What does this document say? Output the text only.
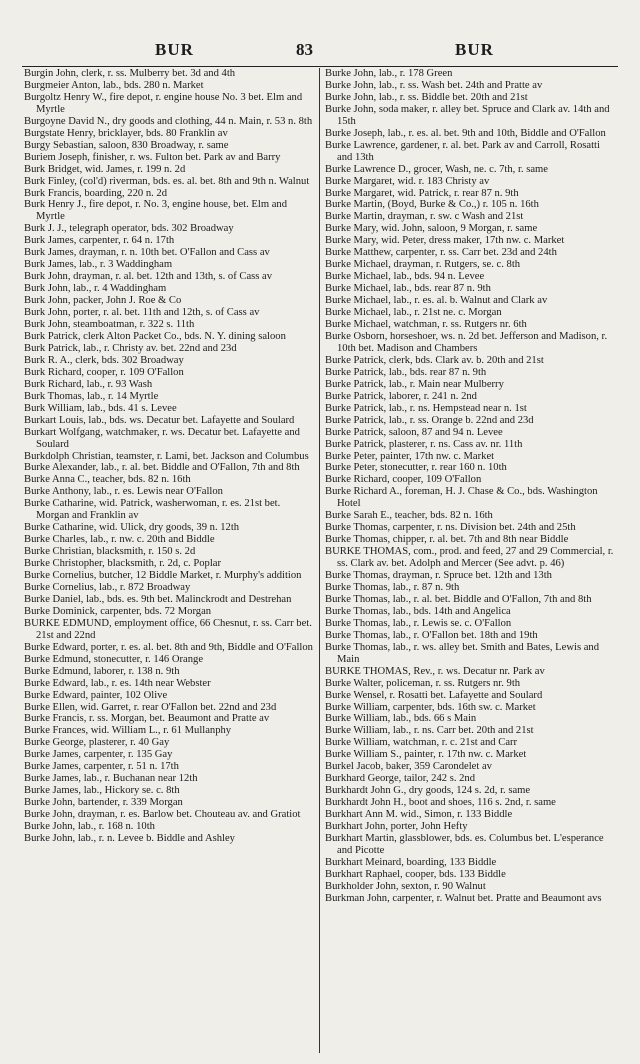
BUR	83	BUR

Burgin John, clerk, r. ss. Mulberry bet. 3d and 4th

Burgmeier Anton, lab., bds. 280 n. Market

Burgoltz Henry W., fire depot, r. engine house No. 3 bet. Elm and Myrtle

Burgoyne David N., dry goods and clothing, 44 n. Main, r. 53 n. 8th

Burgstate Henry, bricklayer, bds. 80 Franklin av

Burgy Sebastian, saloon, 830 Broadway, r. same

Buriem Joseph, finisher, r. ws. Fulton bet. Park av and Barry

Burk Bridget, wid. James, r. 199 n. 2d

Burk Finley, (col'd) riverman, bds. es. al. bet. 8th and 9th n. Walnut

Burk Francis, boarding, 220 n. 2d

Burk Henry J., fire depot, r. No. 3, engine house, bet. Elm and Myrtle

Burk J. J., telegraph operator, bds. 302 Broadway

Burk James, carpenter, r. 64 n. 17th

Burk James, drayman, r. n. 10th bet. O'Fallon and Cass av

Burk James, lab., r. 3 Waddingham

Burk John, drayman, r. al. bet. 12th and 13th, s. of Cass av

Burk John, lab., r. 4 Waddingham

Burk John, packer, John J. Roe & Co

Burk John, porter, r. al. bet. 11th and 12th, s. of Cass av

Burk John, steamboatman, r. 322 s. 11th

Burk Patrick, clerk Alton Packet Co., bds. N. Y. dining saloon

Burk Patrick, lab., r. Christy av. bet. 22nd and 23d

Burk R. A., clerk, bds. 302 Broadway

Burk Richard, cooper, r. 109 O'Fallon

Burk Richard, lab., r. 93 Wash

Burk Thomas, lab., r. 14 Myrtle

Burk William, lab., bds. 41 s. Levee

Burkart Louis, lab., bds. ws. Decatur bet. Lafayette and Soulard

Burkart Wolfgang, watchmaker, r. ws. Decatur bet. Lafayette and Soulard

Burkdolph Christian, teamster, r. Lami, bet. Jackson and Columbus

Burke Alexander, lab., r. al. bet. Biddle and O'Fallon, 7th and 8th

Burke Anna C., teacher, bds. 82 n. 16th

Burke Anthony, lab., r. es. Lewis near O'Fallon

Burke Catharine, wid. Patrick, washerwoman, r. es. 21st bet. Morgan and Franklin av

Burke Catharine, wid. Ulick, dry goods, 39 n. 12th

Burke Charles, lab., r. nw. c. 20th and Biddle

Burke Christian, blacksmith, r. 150 s. 2d

Burke Christopher, blacksmith, r. 2d, c. Poplar

Burke Cornelius, butcher, 12 Biddle Market, r. Murphy's addition

Burke Cornelius, lab., r. 872 Broadway

Burke Daniel, lab., bds. es. 9th bet. Malinckrodt and Destrehan

Burke Dominick, carpenter, bds. 72 Morgan

BURKE EDMUND, employment office, 66 Chesnut, r. ss. Carr bet. 21st and 22nd

Burke Edward, porter, r. es. al. bet. 8th and 9th, Biddle and O'Fallon

Burke Edmund, stonecutter, r. 146 Orange

Burke Edmund, laborer, r. 138 n. 9th

Burke Edward, lab., r. es. 14th near Webster

Burke Edward, painter, 102 Olive

Burke Ellen, wid. Garret, r. rear O'Fallon bet. 22nd and 23d

Burke Francis, r. ss. Morgan, bet. Beaumont and Pratte av

Burke Frances, wid. William L., r. 61 Mullanphy

Burke George, plasterer, r. 40 Gay

Burke James, carpenter, r. 135 Gay

Burke James, carpenter, r. 51 n. 17th

Burke James, lab., r. Buchanan near 12th

Burke James, lab., Hickory se. c. 8th

Burke John, bartender, r. 339 Morgan

Burke John, drayman, r. es. Barlow bet. Chouteau av. and Gratiot

Burke John, lab., r. 168 n. 10th

Burke John, lab., r. n. Levee b. Biddle and Ashley

Burke John, lab., r. 178 Green

Burke John, lab., r. ss. Wash bet. 24th and Pratte av

Burke John, lab., r. ss. Biddle bet. 20th and 21st

Burke John, soda maker, r. alley bet. Spruce and Clark av. 14th and 15th

Burke Joseph, lab., r. es. al. bet. 9th and 10th, Biddle and O'Fallon

Burke Lawrence, gardener, r. al. bet. Park av and Carroll, Rosatti and 13th

Burke Lawrence D., grocer, Wash, ne. c. 7th, r. same

Burke Margaret, wid. r. 183 Christy av

Burke Margaret, wid. Patrick, r. rear 87 n. 9th

Burke Martin, (Boyd, Burke & Co.,) r. 105 n. 16th

Burke Martin, drayman, r. sw. c Wash and 21st

Burke Mary, wid. John, saloon, 9 Morgan, r. same

Burke Mary, wid. Peter, dress maker, 17th nw. c. Market

Burke Matthew, carpenter, r. ss. Carr bet. 23d and 24th

Burke Michael, drayman, r. Rutgers, se. c. 8th

Burke Michael, lab., bds. 94 n. Levee

Burke Michael, lab., bds. rear 87 n. 9th

Burke Michael, lab., r. es. al. b. Walnut and Clark av

Burke Michael, lab., r. 21st ne. c. Morgan

Burke Michael, watchman, r. ss. Rutgers nr. 6th

Burke Osborn, horseshoer, ws. n. 2d bet. Jefferson and Madison, r. 10th bet. Madison and Chambers

Burke Patrick, clerk, bds. Clark av. b. 20th and 21st

Burke Patrick, lab., bds. rear 87 n. 9th

Burke Patrick, lab., r. Main near Mulberry

Burke Patrick, laborer, r. 241 n. 2nd

Burke Patrick, lab., r. ns. Hempstead near n. 1st

Burke Patrick, lab., r. ss. Orange b. 22nd and 23d

Burke Patrick, saloon, 87 and 94 n. Levee

Burke Patrick, plasterer, r. ns. Cass av. nr. 11th

Burke Peter, painter, 17th nw. c. Market

Burke Peter, stonecutter, r. rear 160 n. 10th

Burke Richard, cooper, 109 O'Fallon

Burke Richard A., foreman, H. J. Chase & Co., bds. Washington Hotel

Burke Sarah E., teacher, bds. 82 n. 16th

Burke Thomas, carpenter, r. ns. Division bet. 24th and 25th

Burke Thomas, chipper, r. al. bet. 7th and 8th near Biddle

BURKE THOMAS, com., prod. and feed, 27 and 29 Commercial, r. ss. Clark av. bet. Adolph and Mercer (See advt. p. 46)

Burke Thomas, drayman, r. Spruce bet. 12th and 13th

Burke Thomas, lab., r. 87 n. 9th

Burke Thomas, lab., r. al. bet. Biddle and O'Fallon, 7th and 8th

Burke Thomas, lab., bds. 14th and Angelica

Burke Thomas, lab., r. Lewis se. c. O'Fallon

Burke Thomas, lab., r. O'Fallon bet. 18th and 19th

Burke Thomas, lab., r. ws. alley bet. Smith and Bates, Lewis and Main

BURKE THOMAS, Rev., r. ws. Decatur nr. Park av

Burke Walter, policeman, r. ss. Rutgers nr. 9th

Burke Wensel, r. Rosatti bet. Lafayette and Soulard

Burke William, carpenter, bds. 16th sw. c. Market

Burke William, lab., bds. 66 s Main

Burke William, lab., r. ns. Carr bet. 20th and 21st

Burke William, watchman, r. c. 21st and Carr

Burke William S., painter, r. 17th nw. c. Market

Burkel Jacob, baker, 359 Carondelet av

Burkhard George, tailor, 242 s. 2nd

Burkhardt John G., dry goods, 124 s. 2d, r. same

Burkhardt John H., boot and shoes, 116 s. 2nd, r. same

Burkhart Ann M. wid., Simon, r. 133 Biddle

Burkhart John, porter, John Hefty

Burkhart Martin, glassblower, bds. es. Columbus bet. L'esperance and Picotte

Burkhart Meinard, boarding, 133 Biddle

Burkhart Raphael, cooper, bds. 133 Biddle

Burkholder John, sexton, r. 90 Walnut

Burkman John, carpenter, r. Walnut bet. Pratte and Beaumont avs
